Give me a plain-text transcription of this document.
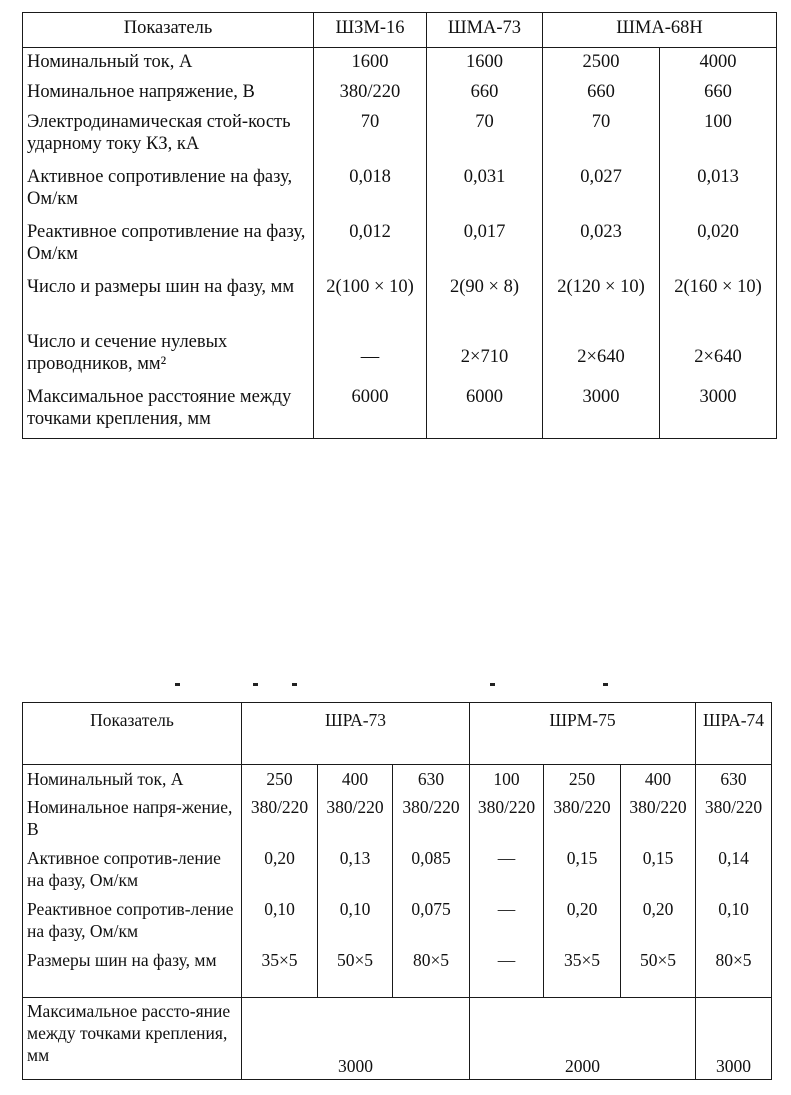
Показатель	ШЗМ-16	ШМА-73	ШМА-68Н	
Номинальный ток, А	1600	1600	2500	4000
Номинальное напряжение, В	380/220	660	660	660
Электродинамическая стой-кость ударному току КЗ, кА	70	70	70	100
Активное сопротивление на фазу, Ом/км	0,018	0,031	0,027	0,013
Реактивное сопротивление на фазу, Ом/км	0,012	0,017	0,023	0,020
Число и размеры шин на фазу, мм	2(100 × 10)	2(90 × 8)	2(120 × 10)	2(160 × 10)
Число и сечение нулевых проводников, мм²	—	2×710	2×640	2×640
Максимальное расстояние между точками крепления, мм	6000	6000	3000	3000
Показатель	ШРА-73			ШРМ-75			ШРА-74
Номинальный ток, А	250	400	630	100	250	400	630
Номинальное напря-жение, В	380/220	380/220	380/220	380/220	380/220	380/220	380/220
Активное сопротив-ление на фазу, Ом/км	0,20	0,13	0,085	—	0,15	0,15	0,14
Реактивное сопротив-ление на фазу, Ом/км	0,10	0,10	0,075	—	0,20	0,20	0,10
Размеры шин на фазу, мм	35×5	50×5	80×5	—	35×5	50×5	80×5
Максимальное рассто-яние между точками крепления, мм	3000			2000			3000
